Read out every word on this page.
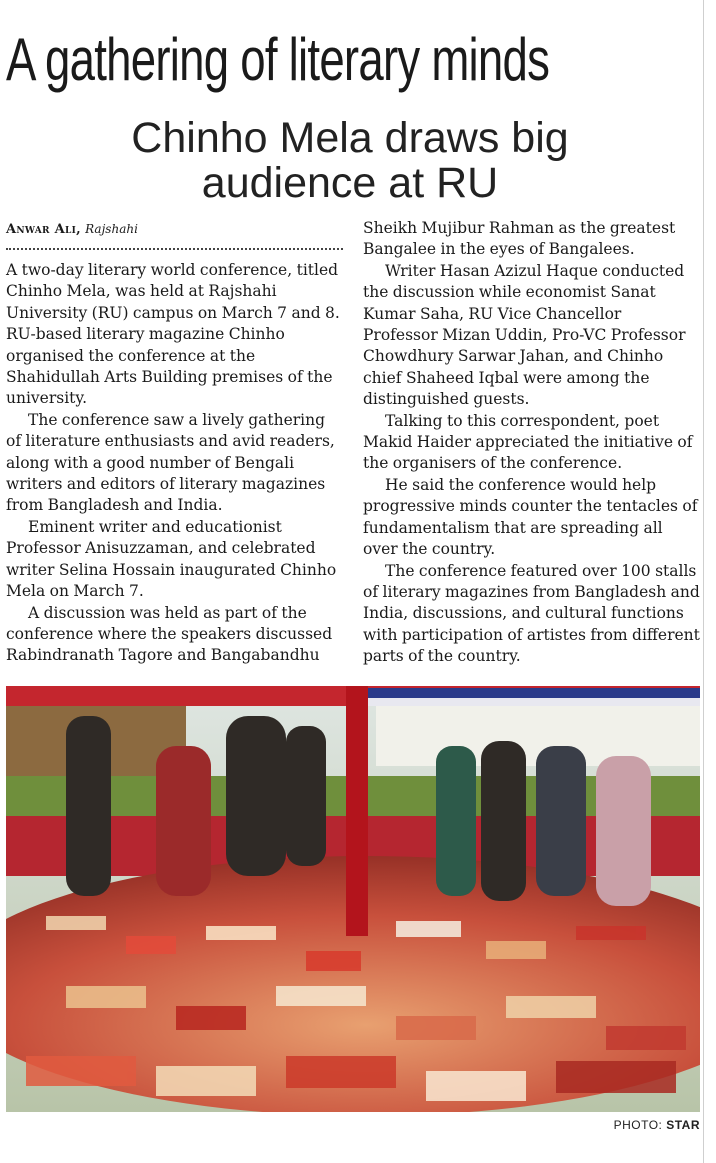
A gathering of literary minds
Chinho Mela draws big audience at RU
Anwar Ali, Rajshahi

A two-day literary world conference, titled Chinho Mela, was held at Rajshahi University (RU) campus on March 7 and 8. RU-based literary magazine Chinho organised the conference at the Shahidullah Arts Building premises of the university.

The conference saw a lively gathering of literature enthusiasts and avid readers, along with a good number of Bengali writers and editors of literary magazines from Bangladesh and India.

Eminent writer and educationist Professor Anisuzzaman, and celebrated writer Selina Hossain inaugurated Chinho Mela on March 7.

A discussion was held as part of the conference where the speakers discussed Rabindranath Tagore and Bangabandhu

Sheikh Mujibur Rahman as the greatest Bangalee in the eyes of Bangalees.

Writer Hasan Azizul Haque conducted the discussion while economist Sanat Kumar Saha, RU Vice Chancellor Professor Mizan Uddin, Pro-VC Professor Chowdhury Sarwar Jahan, and Chinho chief Shaheed Iqbal were among the distinguished guests.

Talking to this correspondent, poet Makid Haider appreciated the initiative of the organisers of the conference.

He said the conference would help progressive minds counter the tentacles of fundamentalism that are spreading all over the country.

The conference featured over 100 stalls of literary magazines from Bangladesh and India, discussions, and cultural functions with participation of artistes from different parts of the country.

PHOTO: STAR
